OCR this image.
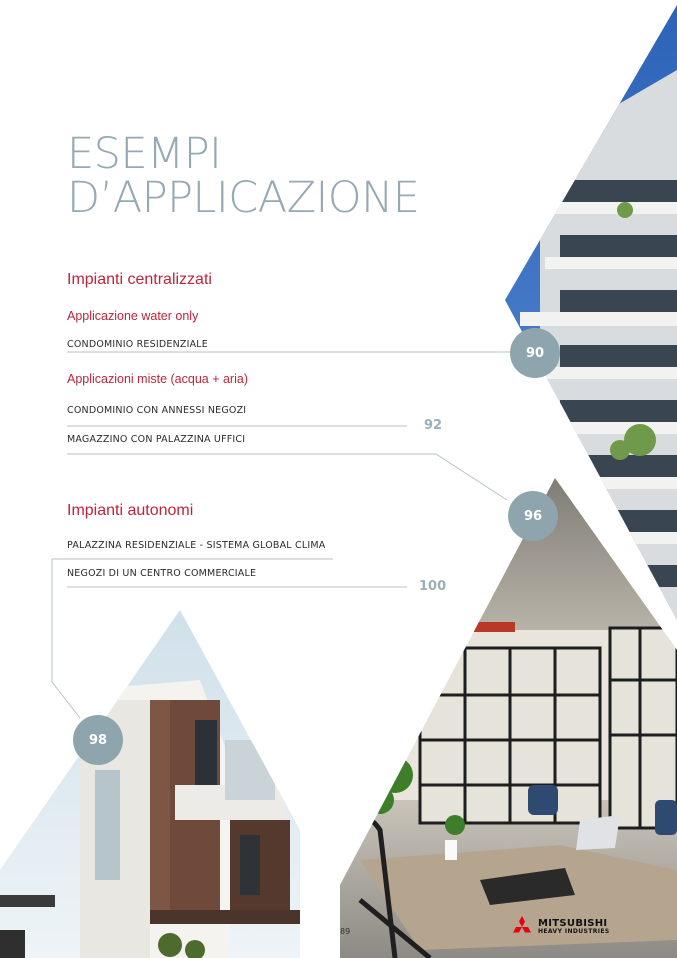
ESEMPI
D’APPLICAZIONE
Impianti centralizzati
Applicazione water only
CONDOMINIO RESIDENZIALE
Applicazioni miste (acqua + aria)
CONDOMINIO CON ANNESSI NEGOZI
MAGAZZINO CON PALAZZINA UFFICI
Impianti autonomi
PALAZZINA RESIDENZIALE - SISTEMA GLOBAL CLIMA
NEGOZI DI UN CENTRO COMMERCIALE
90
92
96
98
100
89
MITSUBISHI
HEAVY INDUSTRIES
